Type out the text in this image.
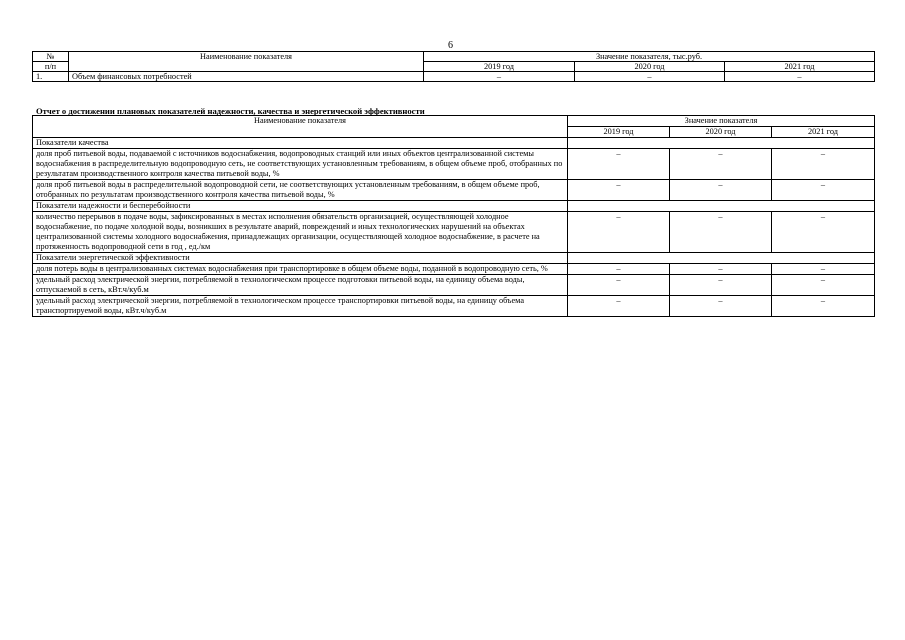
6
№	Наименование показателя	Значение показателя, тыс.руб.		
п/п		2019 год	2020 год	2021 год
1.	Объем финансовых потребностей	–	–	–
Отчет о достижении плановых показателей надежности, качества и энергетической эффективности
Наименование показателя	Значение показателя		
	2019 год	2020 год	2021 год
Показатели качества			
доля проб питьевой воды, подаваемой с источников водоснабжения, водопроводных станций или иных объектов централизованной системы водоснабжения в распределительную водопроводную сеть, не соответствующих установленным требованиям, в общем объеме проб, отобранных по результатам производственного контроля качества питьевой воды, %	–	–	–
доля проб питьевой воды в распределительной водопроводной сети, не соответствующих установленным требованиям, в общем объеме проб, отобранных по результатам производственного контроля качества питьевой воды, %	–	–	–
Показатели надежности и бесперебойности			
количество перерывов в подаче воды, зафиксированных в местах исполнения обязательств организацией, осуществляющей холодное водоснабжение, по подаче холодной воды, возникших в результате аварий, повреждений и иных технологических нарушений на объектах централизованной системы холодного водоснабжения, принадлежащих организации, осуществляющей холодное водоснабжение, в расчете на протяженность водопроводной сети в год , ед./км	–	–	–
Показатели энергетической эффективности			
доля потерь воды в централизованных системах водоснабжения при транспортировке в общем объеме воды, поданной в водопроводную сеть, %	–	–	–
удельный расход электрической энергии, потребляемой в технологическом процессе подготовки питьевой воды, на единицу объема воды, отпускаемой в сеть, кВт.ч/куб.м	–	–	–
удельный расход электрической энергии, потребляемой в технологическом процессе транспортировки питьевой воды, на единицу объема транспортируемой воды, кВт.ч/куб.м	–	–	–
